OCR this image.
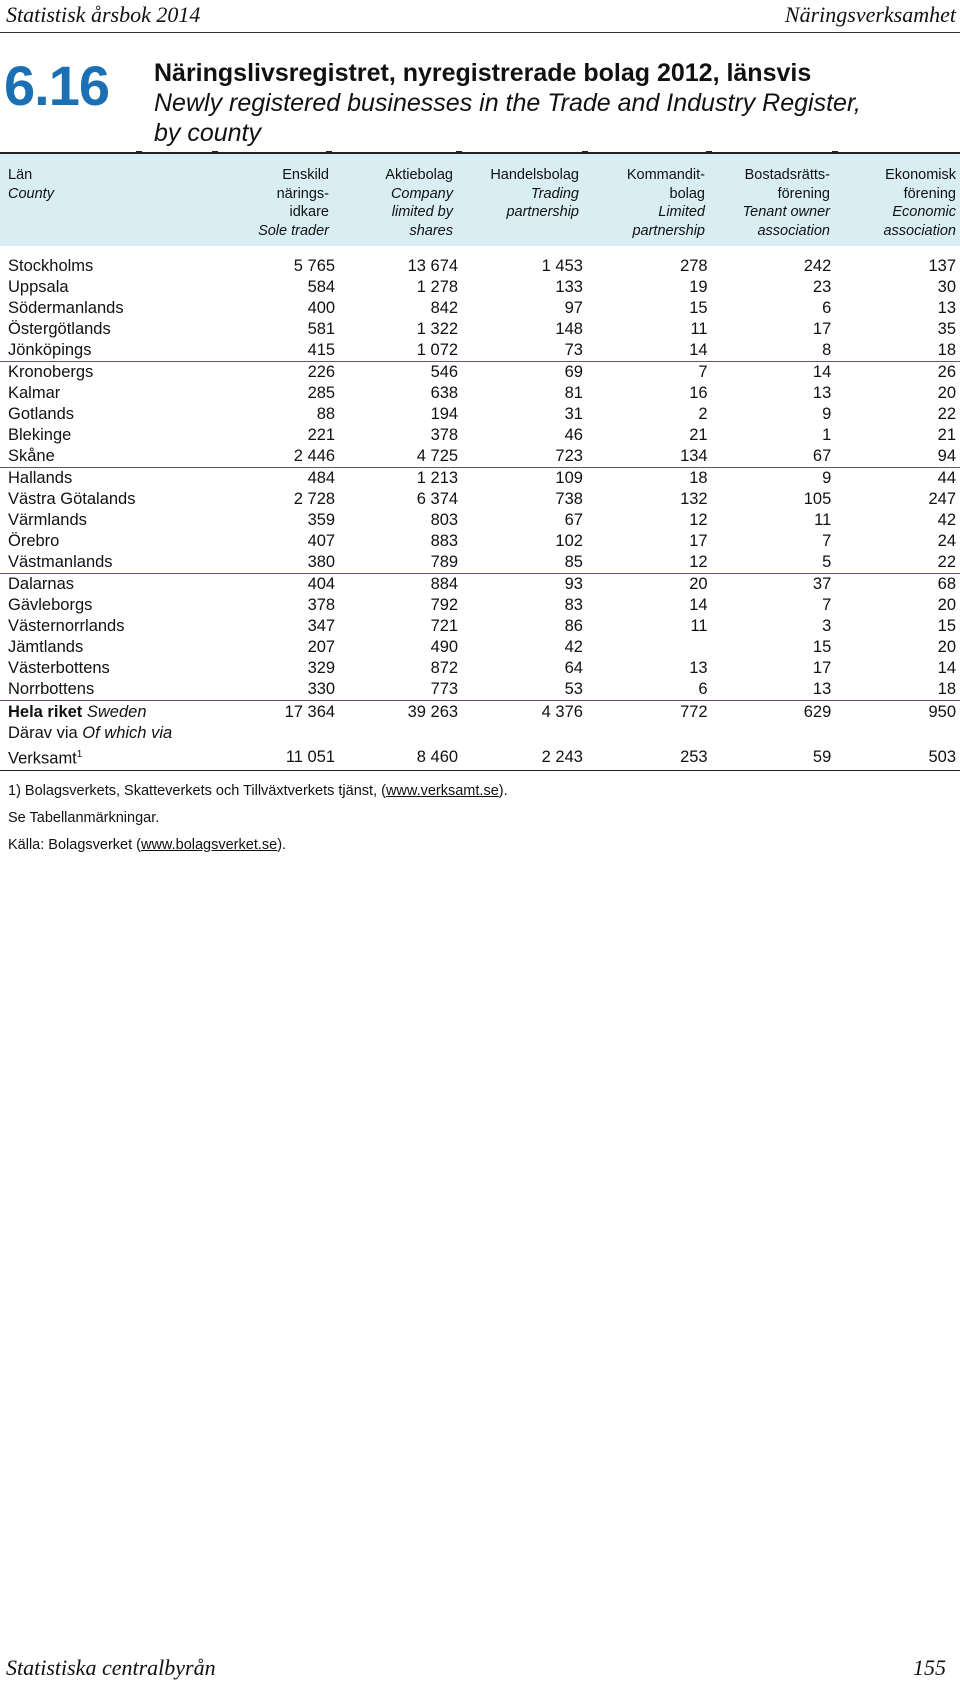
Statistisk årsbok 2014	Näringsverksamhet
6.16 Näringslivsregistret, nyregistrerade bolag 2012, länsvis
Newly registered businesses in the Trade and Industry Register,
by county
Län
County
Enskild
närings-
idkare
Sole trader
Aktiebolag
Company
limited by
shares
Handelsbolag
Trading
partnership
Kommandit-
bolag
Limited
partnership
Bostadsrätts-
förening
Tenant owner
association
Ekonomisk
förening
Economic
association
Stockholms	5 765	13 674	1 453	278	242	137
Uppsala	584	1 278	133	19	23	30
Södermanlands	400	842	97	15	6	13
Östergötlands	581	1 322	148	11	17	35
Jönköpings	415	1 072	73	14	8	18
Kronobergs	226	546	69	7	14	26
Kalmar	285	638	81	16	13	20
Gotlands	88	194	31	2	9	22
Blekinge	221	378	46	21	1	21
Skåne	2 446	4 725	723	134	67	94
Hallands	484	1 213	109	18	9	44
Västra Götalands	2 728	6 374	738	132	105	247
Värmlands	359	803	67	12	11	42
Örebro	407	883	102	17	7	24
Västmanlands	380	789	85	12	5	22
Dalarnas	404	884	93	20	37	68
Gävleborgs	378	792	83	14	7	20
Västernorrlands	347	721	86	11	3	15
Jämtlands	207	490	42		15	20
Västerbottens	329	872	64	13	17	14
Norrbottens	330	773	53	6	13	18
Hela riket Sweden	17 364	39 263	4 376	772	629	950
Därav via Of which via						
Verksamt$^1$	11 051	8 460	2 243	253	59	503
1) Bolagsverkets, Skatteverkets och Tillväxtverkets tjänst, (www.verksamt.se).
Se Tabellanmärkningar.
Källa: Bolagsverket (www.bolagsverket.se).
Statistiska centralbyrån	155
